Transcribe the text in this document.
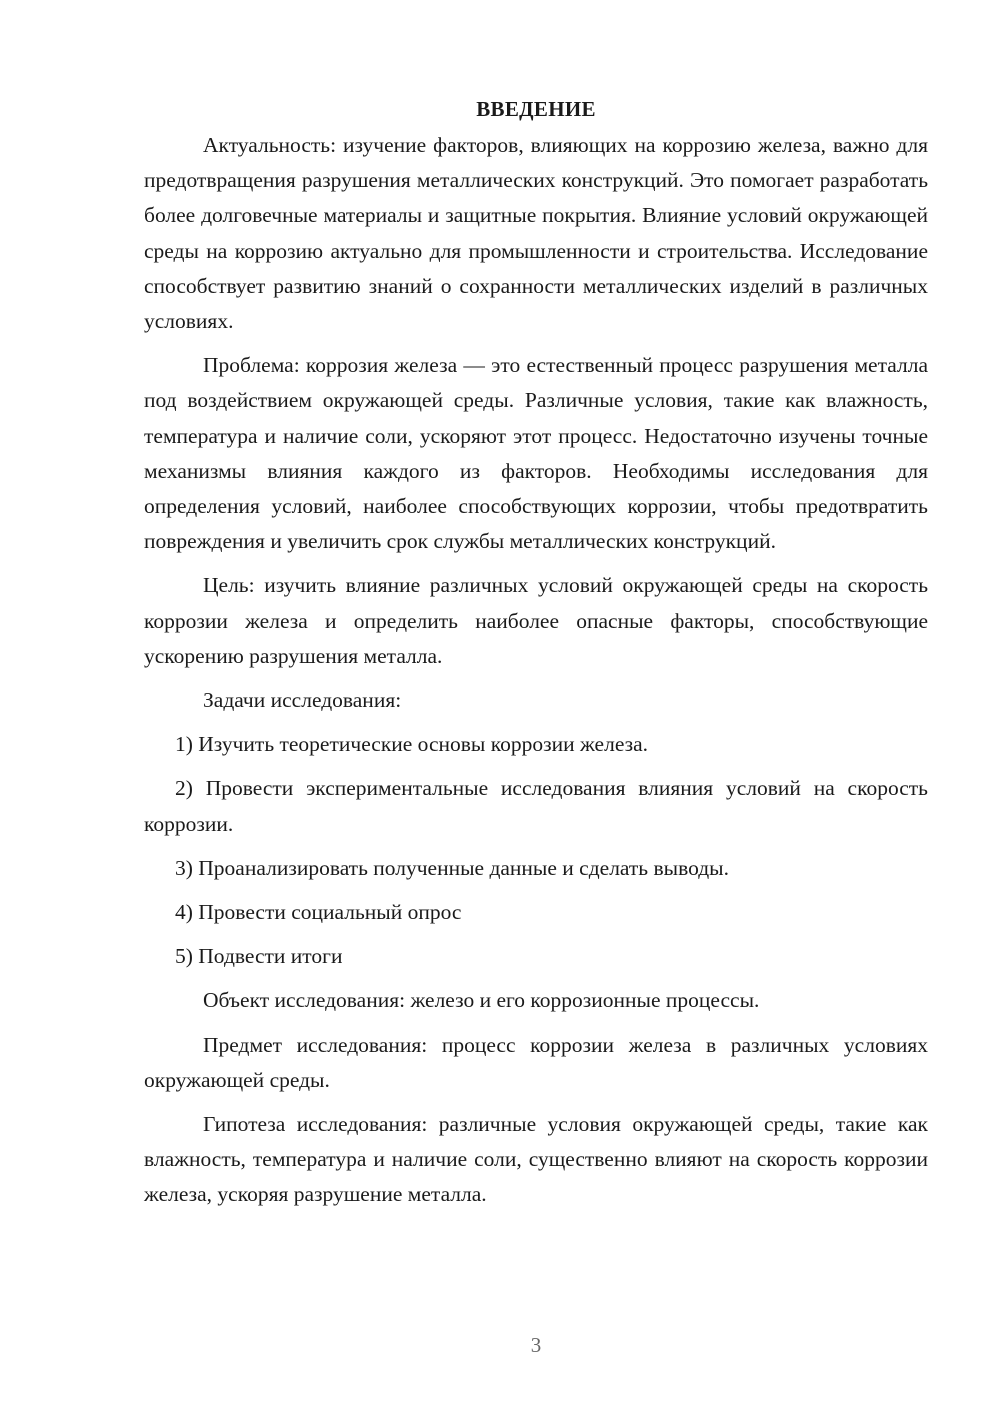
ВВЕДЕНИЕ

Актуальность: изучение факторов, влияющих на коррозию железа, важно для предотвращения разрушения металлических конструкций. Это помогает разработать более долговечные материалы и защитные покрытия. Влияние условий окружающей среды на коррозию актуально для промышленности и строительства. Исследование способствует развитию знаний о сохранности металлических изделий в различных условиях.

Проблема: коррозия железа — это естественный процесс разрушения металла под воздействием окружающей среды. Различные условия, такие как влажность, температура и наличие соли, ускоряют этот процесс. Недостаточно изучены точные механизмы влияния каждого из факторов. Необходимы исследования для определения условий, наиболее способствующих коррозии, чтобы предотвратить повреждения и увеличить срок службы металлических конструкций.

Цель: изучить влияние различных условий окружающей среды на скорость коррозии железа и определить наиболее опасные факторы, способствующие ускорению разрушения металла.

Задачи исследования:

1) Изучить теоретические основы коррозии железа.

2) Провести экспериментальные исследования влияния условий на скорость коррозии.

3) Проанализировать полученные данные и сделать выводы.

4) Провести социальный опрос

5) Подвести итоги

Объект исследования: железо и его коррозионные процессы.

Предмет исследования: процесс коррозии железа в различных условиях окружающей среды.

Гипотеза исследования: различные условия окружающей среды, такие как влажность, температура и наличие соли, существенно влияют на скорость коррозии железа, ускоряя разрушение металла.

3
